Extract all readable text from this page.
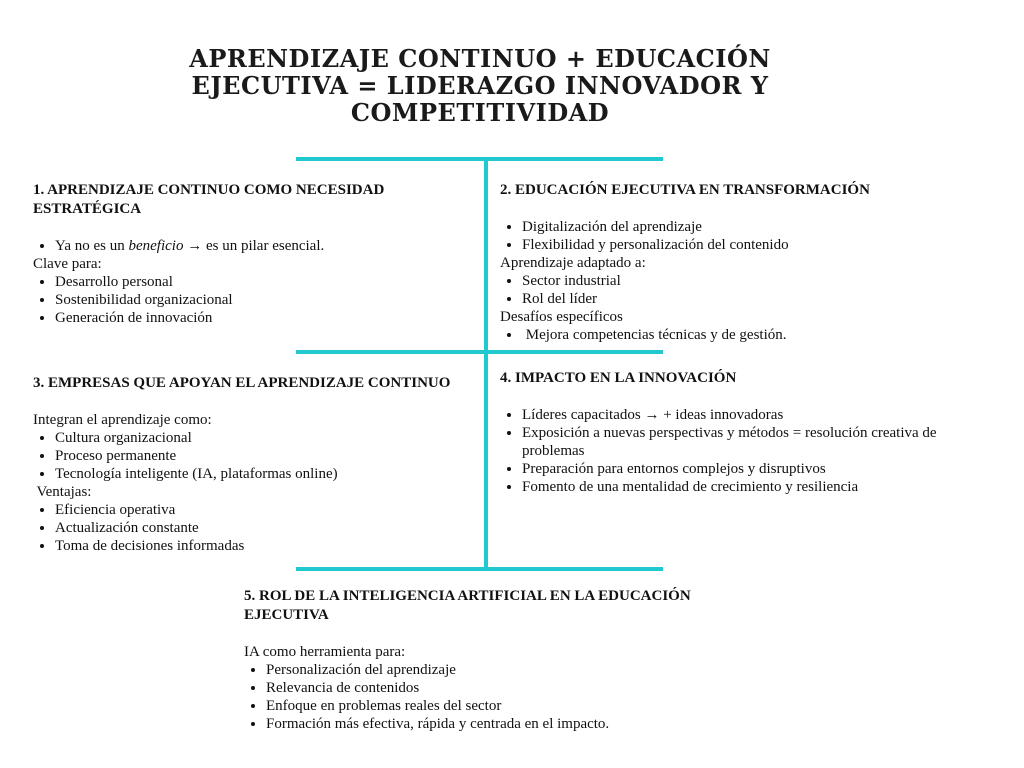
APRENDIZAJE CONTINUO + EDUCACIÓN EJECUTIVA = LIDERAZGO INNOVADOR Y COMPETITIVIDAD
1. APRENDIZAJE CONTINUO COMO NECESIDAD ESTRATÉGICA
• Ya no es un beneficio → es un pilar esencial.

Clave para:

• Desarrollo personal
• Sostenibilidad organizacional
• Generación de innovación
2. EDUCACIÓN EJECUTIVA EN TRANSFORMACIÓN
• Digitalización del aprendizaje
• Flexibilidad y personalización del contenido

Aprendizaje adaptado a:

• Sector industrial
• Rol del líder

Desafíos específicos

•  Mejora competencias técnicas y de gestión.
3. EMPRESAS QUE APOYAN EL APRENDIZAJE CONTINUO

Integran el aprendizaje como:

• Cultura organizacional
• Proceso permanente
• Tecnología inteligente (IA, plataformas online)

Ventajas:

• Eficiencia operativa
• Actualización constante
• Toma de decisiones informadas
4. IMPACTO EN LA INNOVACIÓN
• Líderes capacitados → + ideas innovadoras
• Exposición a nuevas perspectivas y métodos = resolución creativa de problemas
• Preparación para entornos complejos y disruptivos
• Fomento de una mentalidad de crecimiento y resiliencia
5. ROL DE LA INTELIGENCIA ARTIFICIAL EN LA EDUCACIÓN EJECUTIVA

IA como herramienta para:

• Personalización del aprendizaje
• Relevancia de contenidos
• Enfoque en problemas reales del sector
• Formación más efectiva, rápida y centrada en el impacto.
